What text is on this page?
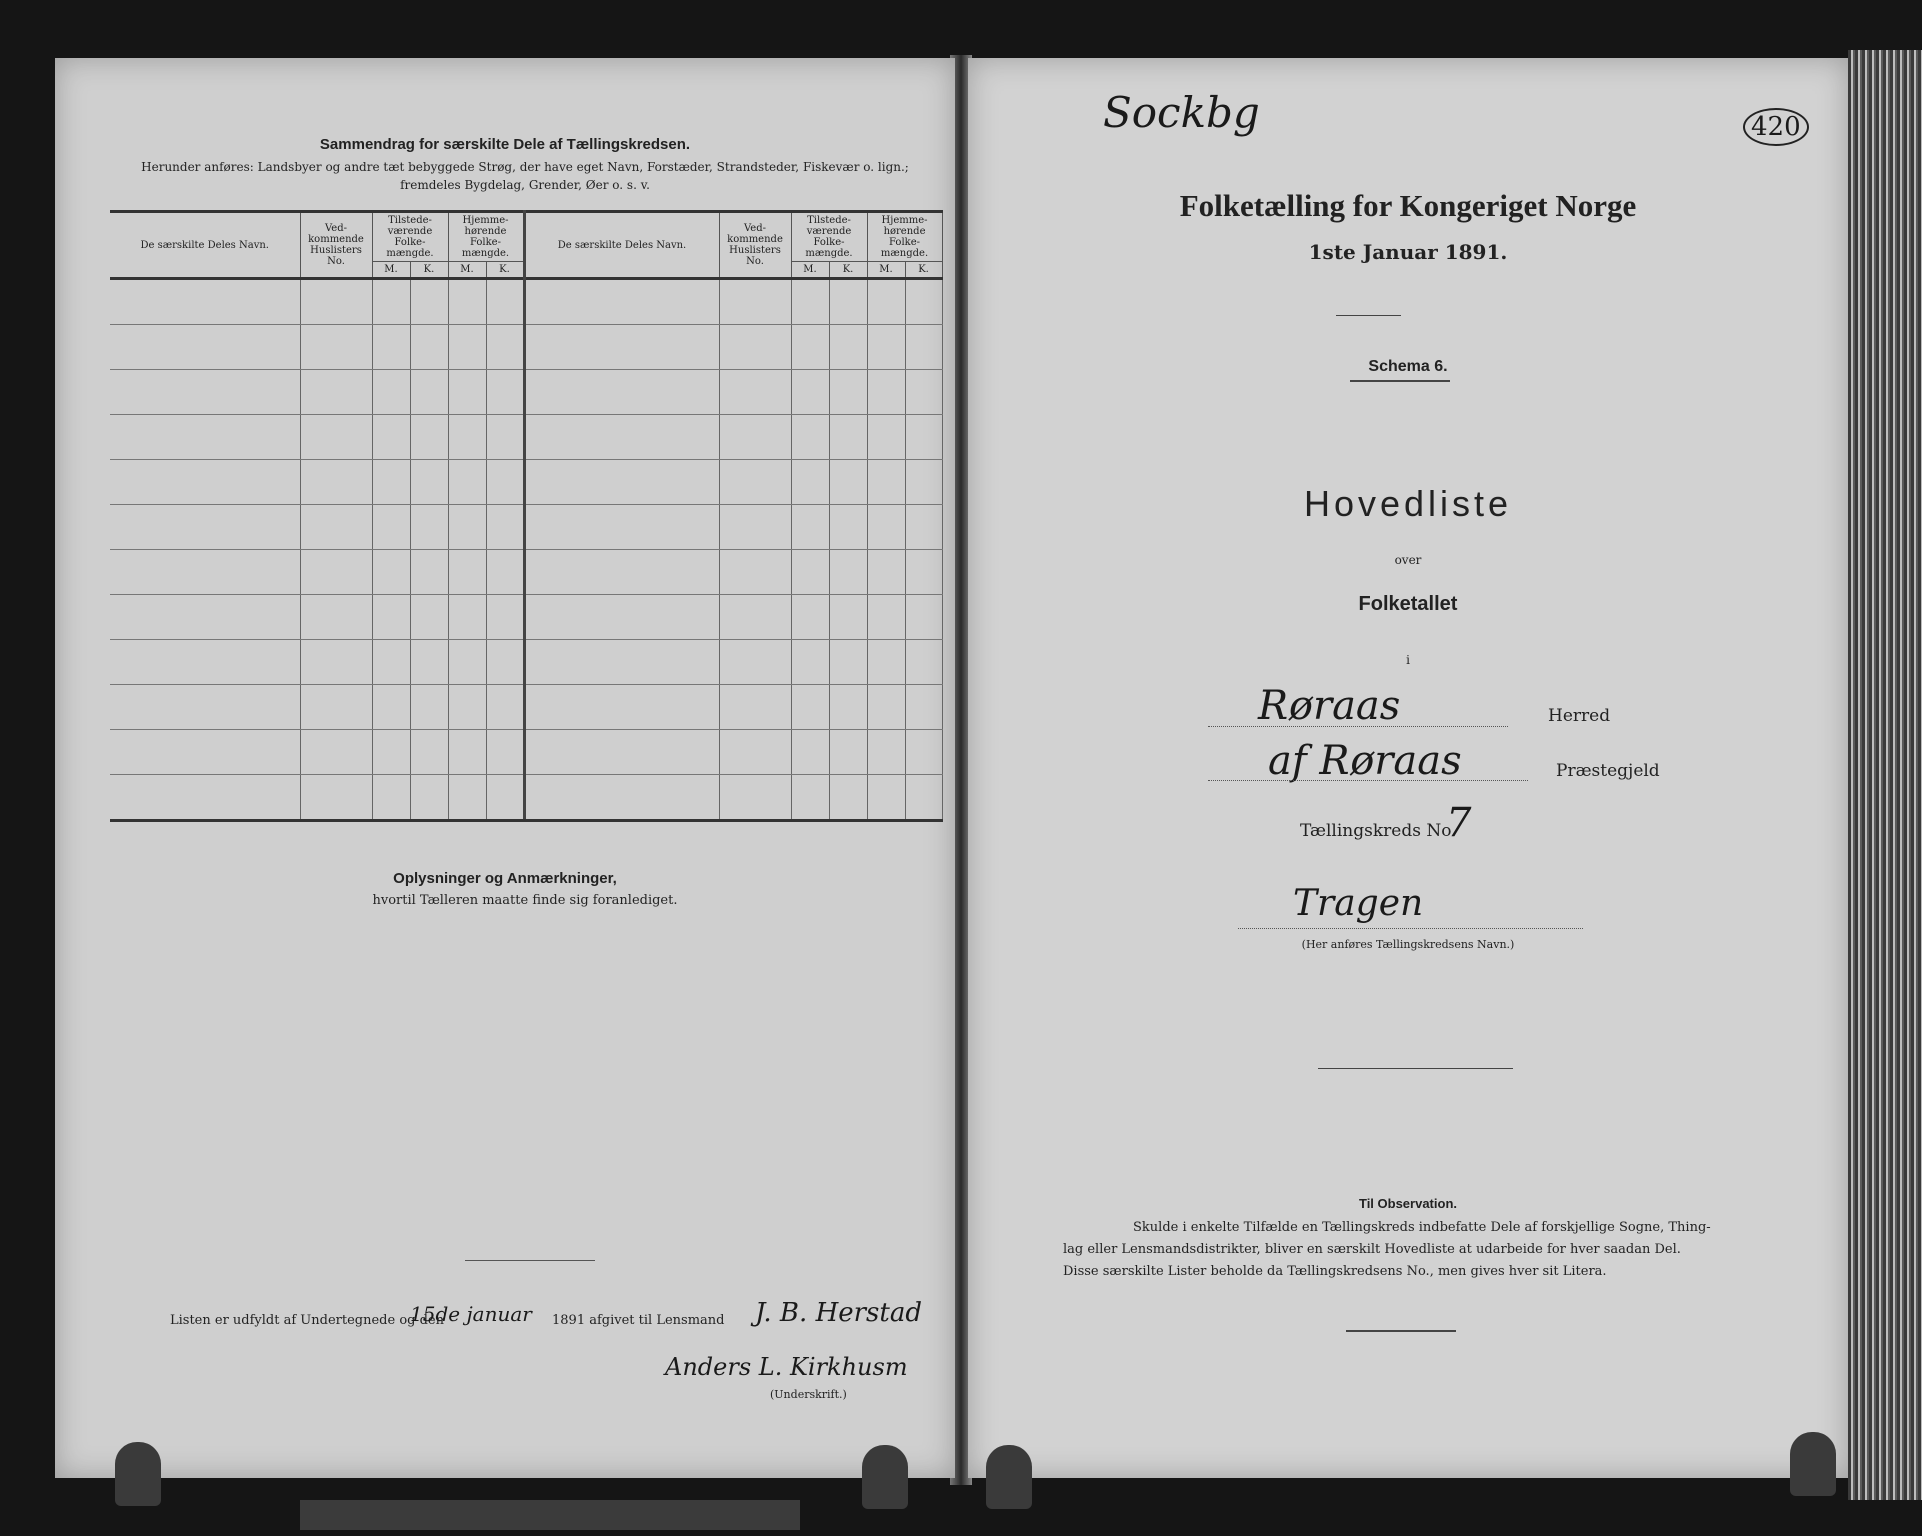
Sammendrag for særskilte Dele af Tællingskredsen.
Herunder anføres: Landsbyer og andre tæt bebyggede Strøg, der have eget Navn, Forstæder, Strandsteder, Fiskevær o. lign.;
fremdeles Bygdelag, Grender, Øer o. s. v.
De særskilte Deles Navn.	Ved-kommende Huslisters No.	Tilstede-værende Folke-mængde.		Hjemme-hørende Folke-mængde.		De særskilte Deles Navn.	Ved-kommende Huslisters No.	Tilstede-værende Folke-mængde.		Hjemme-hørende Folke-mængde.	
		M.	K.	M.	K.			M.	K.	M.	K.

Oplysninger og Anmærkninger,
hvortil Tælleren maatte finde sig foranlediget.
Listen er udfyldt af Undertegnede og den
15de januar 1891 afgivet til Lensmand J. B. Herstad
Anders L. Kirkhusm
(Underskrift.)
Sockbg	420
Folketælling for Kongeriget Norge
1ste Januar 1891.
Schema 6.
Hovedliste
over
Folketallet
i
Røraas	Herred
af Røraas	Præstegjeld
Tællingskreds No.
7
Tragen
(Her anføres Tællingskredsens Navn.)
Til Observation.
Skulde i enkelte Tilfælde en Tællingskreds indbefatte Dele af forskjellige Sogne, Thing-
lag eller Lensmandsdistrikter, bliver en særskilt Hovedliste at udarbeide for hver saadan Del.
Disse særskilte Lister beholde da Tællingskredsens No., men gives hver sit Litera.
